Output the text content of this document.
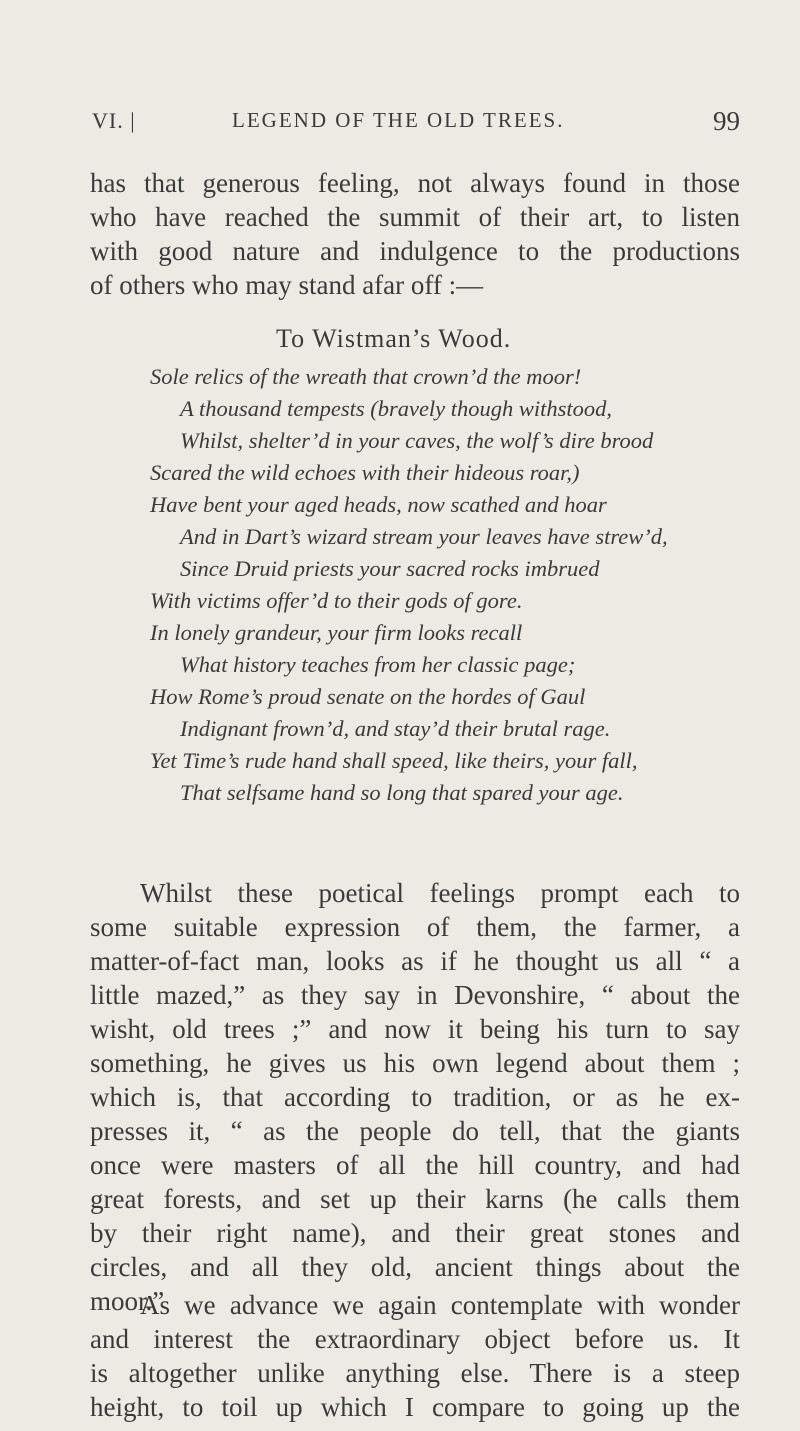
VI. |	LEGEND OF THE OLD TREES.	99
has that generous feeling, not always found in those
who have reached the summit of their art, to listen
with good nature and indulgence to the productions
of others who may stand afar off :—
To Wistman’s Wood.
Sole relics of the wreath that crown’d the moor!
A thousand tempests (bravely though withstood,
Whilst, shelter’d in your caves, the wolf’s dire brood
Scared the wild echoes with their hideous roar,)
Have bent your aged heads, now scathed and hoar
And in Dart’s wizard stream your leaves have strew’d,
Since Druid priests your sacred rocks imbrued
With victims offer’d to their gods of gore.
In lonely grandeur, your firm looks recall
What history teaches from her classic page;
How Rome’s proud senate on the hordes of Gaul
Indignant frown’d, and stay’d their brutal rage.
Yet Time’s rude hand shall speed, like theirs, your fall,
That selfsame hand so long that spared your age.
Whilst these poetical feelings prompt each to
some suitable expression of them, the farmer, a
matter-of-fact man, looks as if he thought us all “ a
little mazed,” as they say in Devonshire, “ about the
wisht, old trees ;” and now it being his turn to say
something, he gives us his own legend about them ;
which is, that according to tradition, or as he ex-
presses it, “ as the people do tell, that the giants
once were masters of all the hill country, and had
great forests, and set up their karns (he calls them
by their right name), and their great stones and
circles, and all they old, ancient things about the
moor.”
As we advance we again contemplate with wonder
and interest the extraordinary object before us. It
is altogether unlike anything else. There is a steep
height, to toil up which I compare to going up the
